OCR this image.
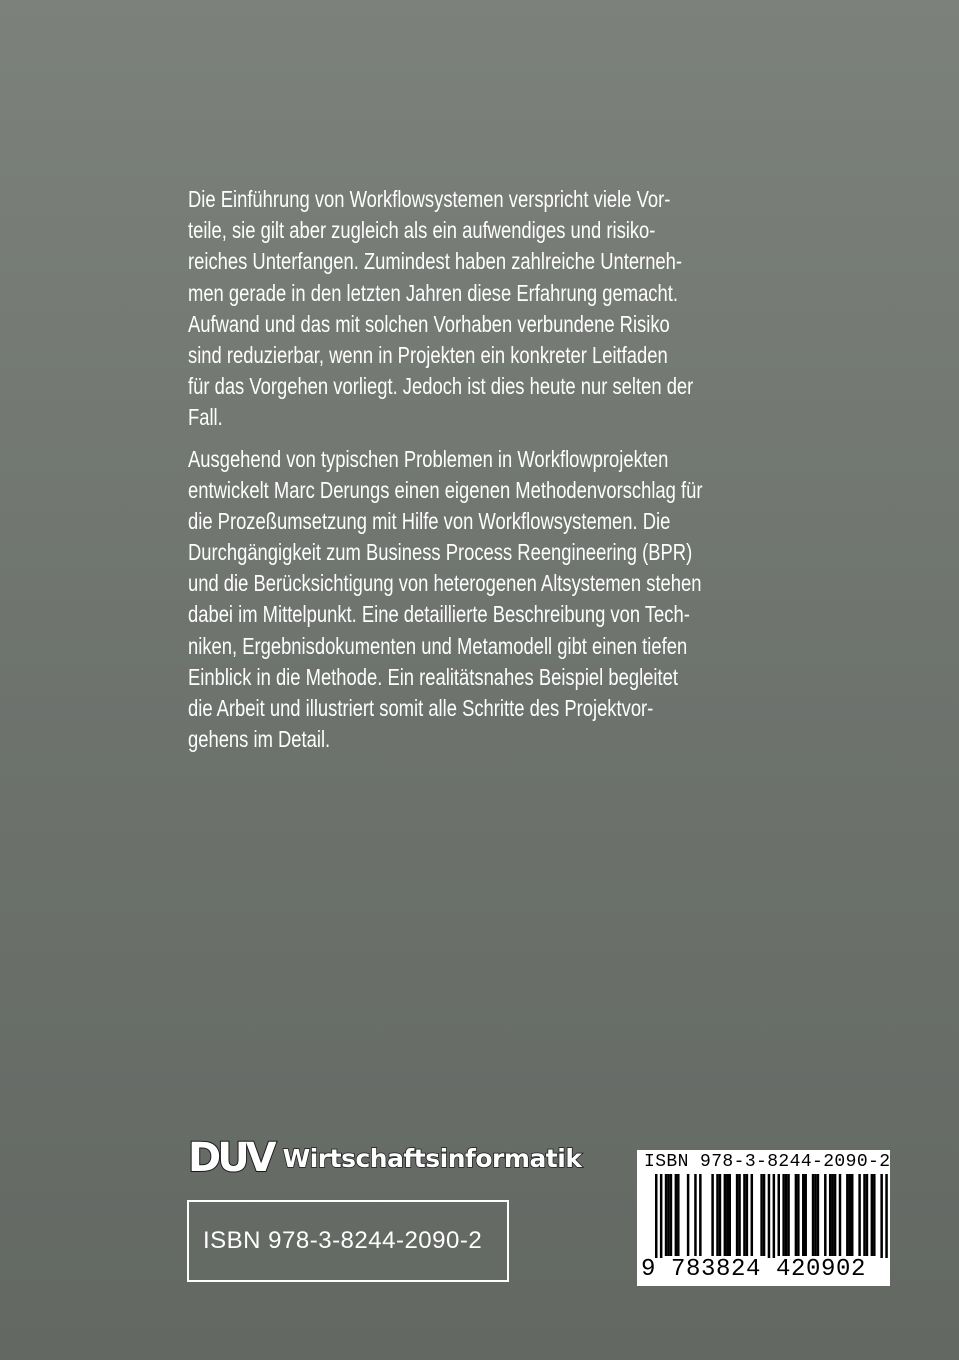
Die Einführung von Workflowsystemen verspricht viele Vor-
teile, sie gilt aber zugleich als ein aufwendiges und risiko-
reiches Unterfangen. Zumindest haben zahlreiche Unterneh-
men gerade in den letzten Jahren diese Erfahrung gemacht.
Aufwand und das mit solchen Vorhaben verbundene Risiko
sind reduzierbar, wenn in Projekten ein konkreter Leitfaden
für das Vorgehen vorliegt. Jedoch ist dies heute nur selten der
Fall.
Ausgehend von typischen Problemen in Workflowprojekten
entwickelt Marc Derungs einen eigenen Methodenvorschlag für
die Prozeßumsetzung mit Hilfe von Workflowsystemen. Die
Durchgängigkeit zum Business Process Reengineering (BPR)
und die Berücksichtigung von heterogenen Altsystemen stehen
dabei im Mittelpunkt. Eine detaillierte Beschreibung von Tech-
niken, Ergebnisdokumenten und Metamodell gibt einen tiefen
Einblick in die Methode. Ein realitätsnahes Beispiel begleitet
die Arbeit und illustriert somit alle Schritte des Projektvor-
gehens im Detail.
DUV Wirtschaftsinformatik
ISBN 978-3-8244-2090-2
ISBN 978-3-8244-2090-2
9 783824 420902
